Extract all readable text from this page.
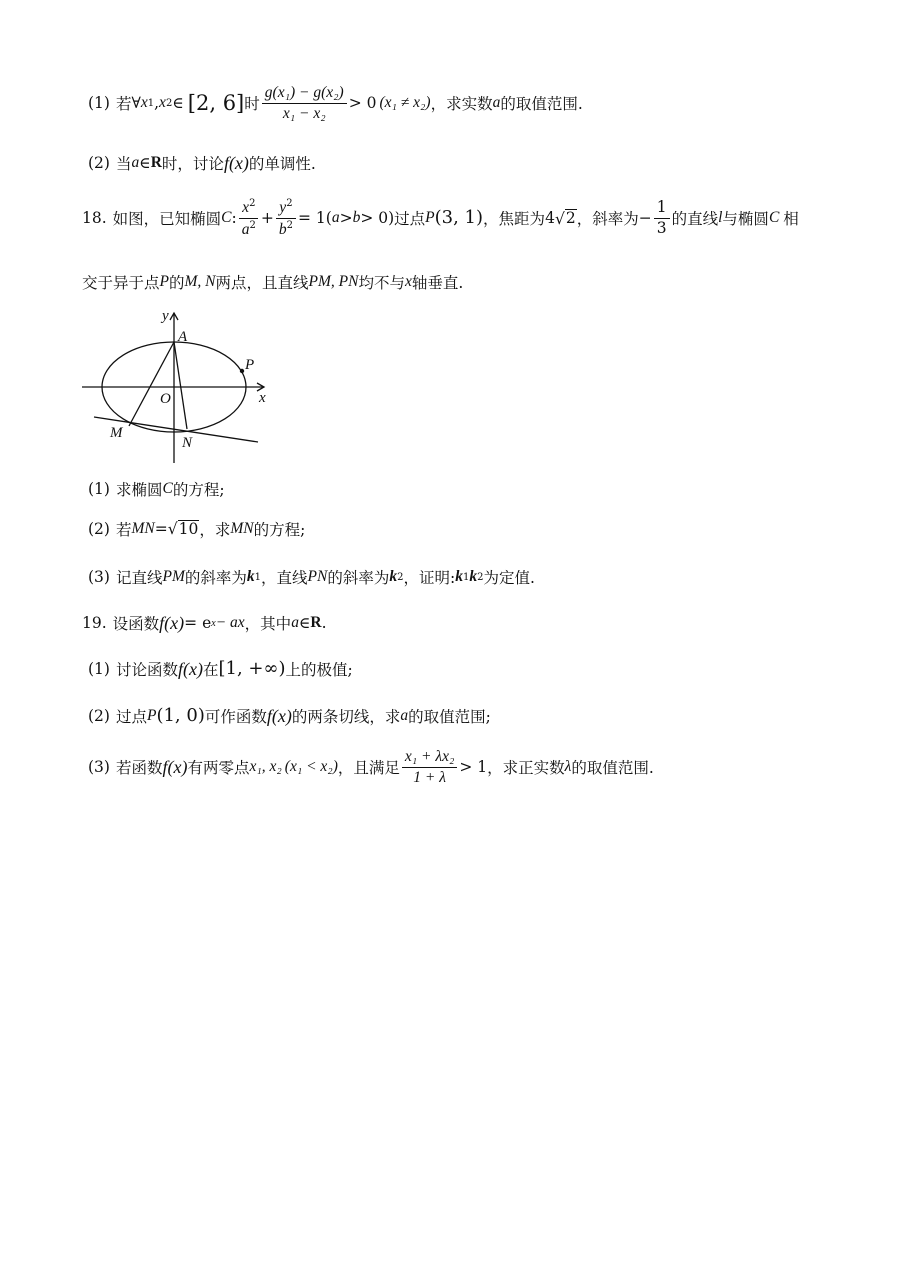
(1) 若 ∀ x 1 , x 2 ∈ [2, 6] 时 $\frac{\text{g(x₁) − g(x₂)}}{\text{x₁ − x₂}} > 0$ (x₁ ≠ x₂) ，求实数 a 的取值范围.
(2) 当 a ∈ R 时，讨论 f(x) 的单调性.
18. 如图，已知椭圆 C : $\frac{x^2}{a^2} + \frac{y^2}{b^2} = 1$( a > b > 0) 过点 P (3, 1) ，焦距为 4 √ 2 ，斜率为 − $\frac{1}{3}$ 的直线 l 与椭圆 C 相
交于异于点 P 的 M, N 两点，且直线 PM, PN 均不与 x 轴垂直.
y
A
P
O	x
M
N
(1) 求椭圆 C 的方程;
(2) 若 MN = √ 10 ，求 MN 的方程;
(3) 记直线 PM 的斜率为 k 1 ，直线 PN 的斜率为 k 2 ，证明: k 1 k 2 为定值.
19. 设函数 f(x) = e x − ax ，其中 a ∈ R .
(1) 讨论函数 f(x) 在 [1, +∞) 上的极值;
(2) 过点 P (1, 0) 可作函数 f(x) 的两条切线，求 a 的取值范围;
(3) 若函数 f(x) 有两零点 x₁, x₂ (x₁ < x₂) ，且满足 $\frac{\text{x₁ + λx₂}}{1 + \lambda} > 1$ ，求正实数 λ 的取值范围.
